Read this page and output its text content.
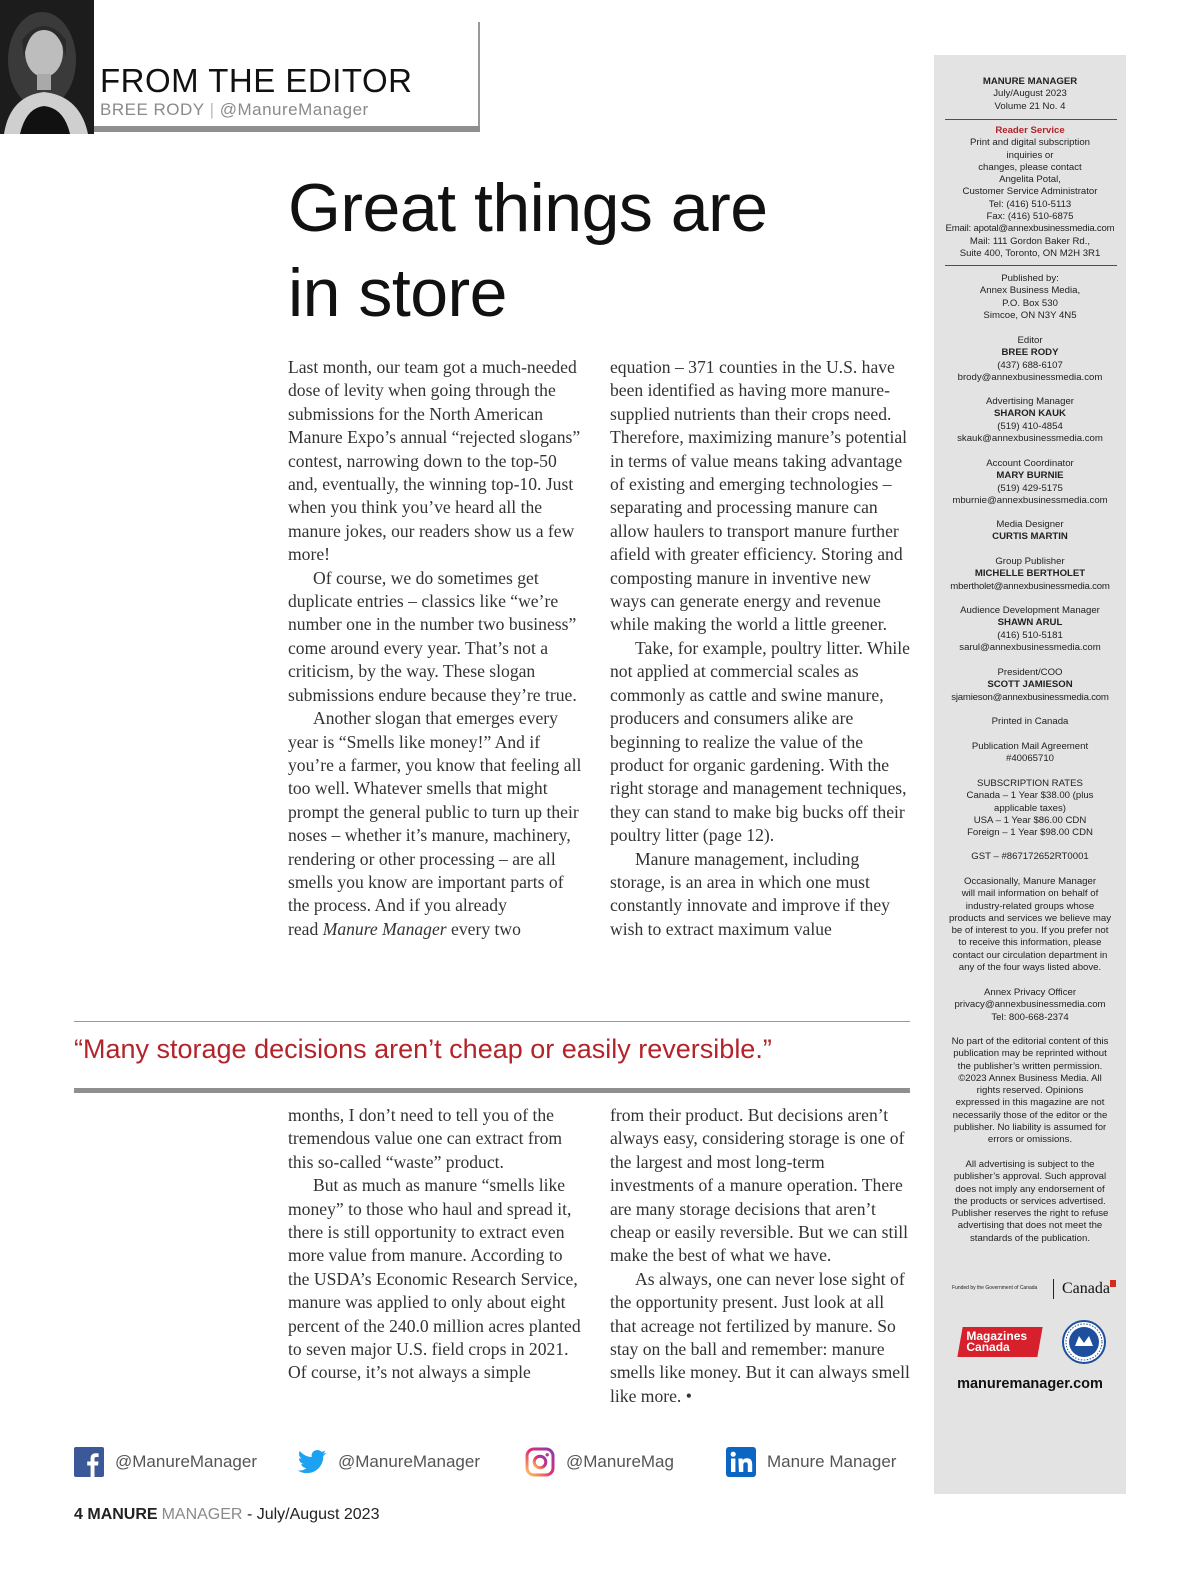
FROM THE EDITOR
BREE RODY | @ManureManager
Great things are
in store

Last month, our team got a much-needed dose of levity when going through the submissions for the North American Manure Expo’s annual “rejected slogans” contest, narrowing down to the top-50 and, eventually, the winning top-10. Just when you think you’ve heard all the manure jokes, our readers show us a few more!

Of course, we do sometimes get duplicate entries – classics like “we’re number one in the number two business” come around every year. That’s not a criticism, by the way. These slogan submissions endure because they’re true.

Another slogan that emerges every year is “Smells like money!” And if you’re a farmer, you know that feeling all too well. Whatever smells that might prompt the general public to turn up their noses – whether it’s manure, machinery, rendering or other processing – are all smells you know are important parts of the process. And if you already

read Manure Manager every two

equation – 371 counties in the U.S. have been identified as having more manure-supplied nutrients than their crops need. Therefore, maximizing manure’s potential in terms of value means taking advantage of existing and emerging technologies – separating and processing manure can allow haulers to transport manure further afield with greater efficiency. Storing and composting manure in inventive new ways can generate energy and revenue while making the world a little greener.

Take, for example, poultry litter. While not applied at commercial scales as commonly as cattle and swine manure, producers and consumers alike are beginning to realize the value of the product for organic gardening. With the right storage and management techniques, they can stand to make big bucks off their poultry litter (page 12).

Manure management, including storage, is an area in which one must constantly innovate and improve if they wish to extract maximum value

“Many storage decisions aren’t cheap or easily reversible.”

months, I don’t need to tell you of the tremendous value one can extract from this so-called “waste” product.

But as much as manure “smells like money” to those who haul and spread it, there is still opportunity to extract even more value from manure. According to the USDA’s Economic Research Service, manure was applied to only about eight percent of the 240.0 million acres planted to seven major U.S. field crops in 2021.

Of course, it’s not always a simple

from their product. But decisions aren’t always easy, considering storage is one of the largest and most long-term investments of a manure operation. There are many storage decisions that aren’t cheap or easily reversible. But we can still make the best of what we have.

As always, one can never lose sight of the opportunity present. Just look at all that acreage not fertilized by manure. So stay on the ball and remember: manure smells like money. But it can always smell like more. •

@ManureManager	@ManureManager	@ManureMag	Manure Manager
4 MANURE MANAGER - July/August 2023
MANURE MANAGER
July/August 2023
Volume 21 No. 4
Reader Service
Print and digital subscription
inquiries or
changes, please contact
Angelita Potal,
Customer Service Administrator
Tel: (416) 510-5113
Fax: (416) 510-6875
Email: apotal@annexbusinessmedia.com
Mail: 111 Gordon Baker Rd.,
Suite 400, Toronto, ON M2H 3R1
Published by:
Annex Business Media,
P.O. Box 530
Simcoe, ON N3Y 4N5
Editor
BREE RODY
(437) 688-6107
brody@annexbusinessmedia.com
Advertising Manager
SHARON KAUK
(519) 410-4854
skauk@annexbusinessmedia.com
Account Coordinator
MARY BURNIE
(519) 429-5175
mburnie@annexbusinessmedia.com
Media Designer
CURTIS MARTIN
Group Publisher
MICHELLE BERTHOLET
mbertholet@annexbusinessmedia.com
Audience Development Manager
SHAWN ARUL
(416) 510-5181
sarul@annexbusinessmedia.com
President/COO
SCOTT JAMIESON
sjamieson@annexbusinessmedia.com
Printed in Canada
Publication Mail Agreement
#40065710
SUBSCRIPTION RATES
Canada – 1 Year $38.00 (plus
applicable taxes)
USA – 1 Year $86.00 CDN
Foreign – 1 Year $98.00 CDN
GST – #867172652RT0001
Occasionally, Manure Manager
will mail information on behalf of
industry-related groups whose
products and services we believe may
be of interest to you. If you prefer not
to receive this information, please
contact our circulation department in
any of the four ways listed above.
Annex Privacy Officer
privacy@annexbusinessmedia.com
Tel: 800-668-2374
No part of the editorial content of this
publication may be reprinted without
the publisher’s written permission.
©2023 Annex Business Media. All
rights reserved. Opinions
expressed in this magazine are not
necessarily those of the editor or the
publisher. No liability is assumed for
errors or omissions.
All advertising is subject to the
publisher’s approval. Such approval
does not imply any endorsement of
the products or services advertised.
Publisher reserves the right to refuse
advertising that does not meet the
standards of the publication.
Funded by the Government of Canada Canada
Magazines
Canada
manuremanager.com
